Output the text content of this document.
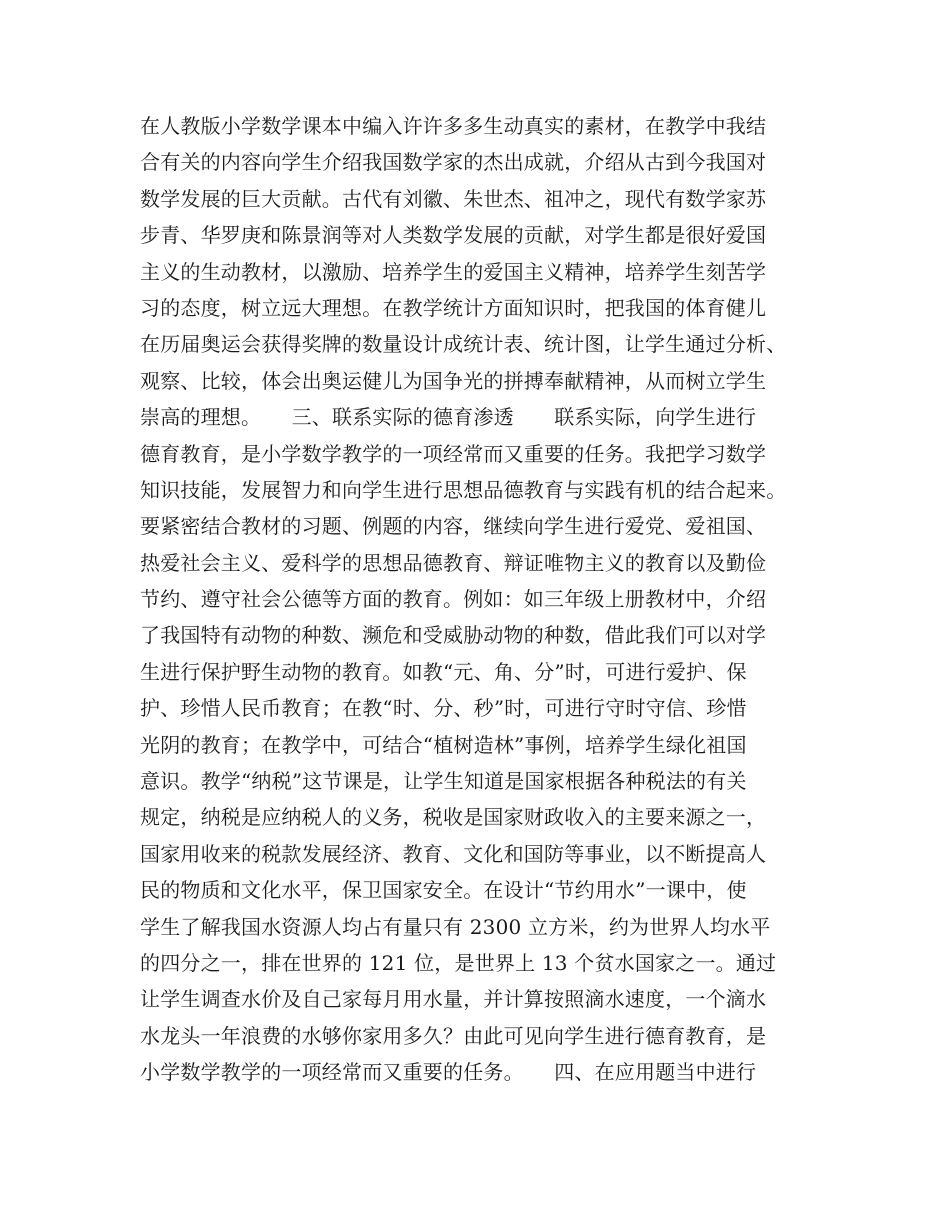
在人教版小学数学课本中编入许许多多生动真实的素材，在教学中我结
合有关的内容向学生介绍我国数学家的杰出成就，介绍从古到今我国对
数学发展的巨大贡献。古代有刘徽、朱世杰、祖冲之，现代有数学家苏
步青、华罗庚和陈景润等对人类数学发展的贡献，对学生都是很好爱国
主义的生动教材，以激励、培养学生的爱国主义精神，培养学生刻苦学
习的态度，树立远大理想。在教学统计方面知识时，把我国的体育健儿
在历届奥运会获得奖牌的数量设计成统计表、统计图，让学生通过分析、
观察、比较，体会出奥运健儿为国争光的拼搏奉献精神，从而树立学生
崇高的理想。　　三、联系实际的德育渗透　　联系实际，向学生进行
德育教育，是小学数学教学的一项经常而又重要的任务。我把学习数学
知识技能，发展智力和向学生进行思想品德教育与实践有机的结合起来。
要紧密结合教材的习题、例题的内容，继续向学生进行爱党、爱祖国、
热爱社会主义、爱科学的思想品德教育、辩证唯物主义的教育以及勤俭
节约、遵守社会公德等方面的教育。例如：如三年级上册教材中，介绍
了我国特有动物的种数、濒危和受威胁动物的种数，借此我们可以对学
生进行保护野生动物的教育。如教“元、角、分”时，可进行爱护、保
护、珍惜人民币教育；在教“时、分、秒”时，可进行守时守信、珍惜
光阴的教育；在教学中，可结合“植树造林”事例，培养学生绿化祖国
意识。教学“纳税”这节课是，让学生知道是国家根据各种税法的有关
规定，纳税是应纳税人的义务，税收是国家财政收入的主要来源之一，
国家用收来的税款发展经济、教育、文化和国防等事业，以不断提高人
民的物质和文化水平，保卫国家安全。在设计“节约用水”一课中，使
学生了解我国水资源人均占有量只有 2300 立方米，约为世界人均水平
的四分之一，排在世界的 121 位，是世界上 13 个贫水国家之一。通过
让学生调查水价及自己家每月用水量，并计算按照滴水速度，一个滴水
水龙头一年浪费的水够你家用多久？由此可见向学生进行德育教育，是
小学数学教学的一项经常而又重要的任务。　　四、在应用题当中进行
